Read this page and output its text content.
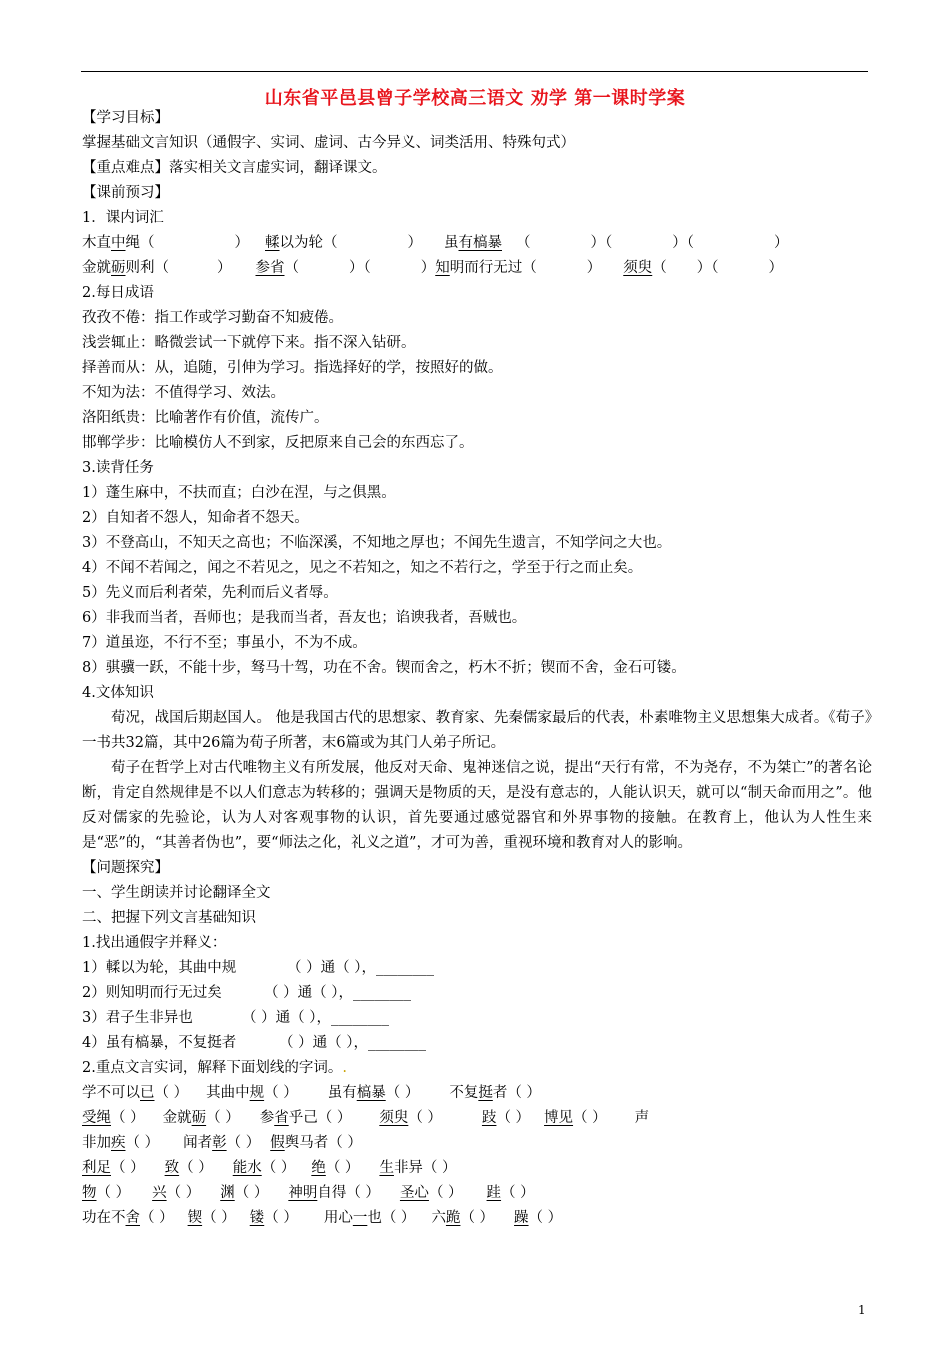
山东省平邑县曾子学校高三语文 劝学 第一课时学案
【学习目标】
掌握基础文言知识（通假字、实词、虚词、古今异义、词类活用、特殊句式）
【重点难点】落实相关文言虚实词，翻译课文。
【课前预习】
1．课内词汇
木直中绳（	） 輮以为轮（	） 虽有槁暴 （	）（	）（	）
金就砺则利（	） 参省（	）（	）知明而行无过（	） 须臾（ ）（	）
2.每日成语
孜孜不倦：指工作或学习勤奋不知疲倦。
浅尝辄止：略微尝试一下就停下来。指不深入钻研。
择善而从：从，追随，引伸为学习。指选择好的学，按照好的做。
不知为法：不值得学习、效法。
洛阳纸贵：比喻著作有价值，流传广。
邯郸学步：比喻模仿人不到家，反把原来自己会的东西忘了。
3.读背任务
1）蓬生麻中，不扶而直；白沙在涅，与之俱黑。
2）自知者不怨人，知命者不怨天。
3）不登高山，不知天之高也；不临深溪，不知地之厚也；不闻先生遗言，不知学问之大也。
4）不闻不若闻之，闻之不若见之，见之不若知之，知之不若行之，学至于行之而止矣。
5）先义而后利者荣，先利而后义者辱。
6）非我而当者，吾师也；是我而当者，吾友也；谄谀我者，吾贼也。
7）道虽迩，不行不至；事虽小，不为不成。
8）骐骥一跃，不能十步，驽马十驾，功在不舍。锲而舍之，朽木不折；锲而不舍，金石可镂。
4.文体知识
荀况，战国后期赵国人。 他是我国古代的思想家、教育家、先秦儒家最后的代表，朴素唯物主义思想集大成者。《荀子》一书共32篇，其中26篇为荀子所著，末6篇或为其门人弟子所记。
荀子在哲学上对古代唯物主义有所发展，他反对天命、鬼神迷信之说，提出“天行有常，不为尧存，不为桀亡”的著名论断，肯定自然规律是不以人们意志为转移的；强调天是物质的天，是没有意志的，人能认识天，就可以“制天命而用之”。他反对儒家的先验论，认为人对客观事物的认识，首先要通过感觉器官和外界事物的接触。在教育上，他认为人性生来是“恶”的，“其善者伪也”，要“师法之化，礼义之道”，才可为善，重视环境和教育对人的影响。
【问题探究】
一、学生朗读并讨论翻译全文
二、把握下列文言基础知识
1.找出通假字并释义：
1）輮以为轮，其曲中规	（ ）通（ ），________
2）则知明而行无过矣	（ ）通（ ），________
3）君子生非异也	（ ）通（ ），________
4）虽有槁暴，不复挺者	（ ）通（ ），________
2.重点文言实词，解释下面划线的字词。.
学不可以已（ ） 其曲中规（ ） 虽有槁暴（ ） 不复挺者（ ）
受绳（ ） 金就砺（ ） 参省乎己（ ） 须臾（ ）	跂（ ） 博见（ ） 声
非加疾（ ） 闻者彰（ ） 假舆马者（ ）
利足（ ） 致（ ） 能水（ ） 绝（ ） 生非异（ ）
物（ ） 兴（ ） 渊（ ） 神明自得（ ） 圣心（ ） 跬（ ）
功在不舍（ ） 锲（ ） 镂（ ） 用心一也（ ） 六跪（ ） 躁（ ）
1
